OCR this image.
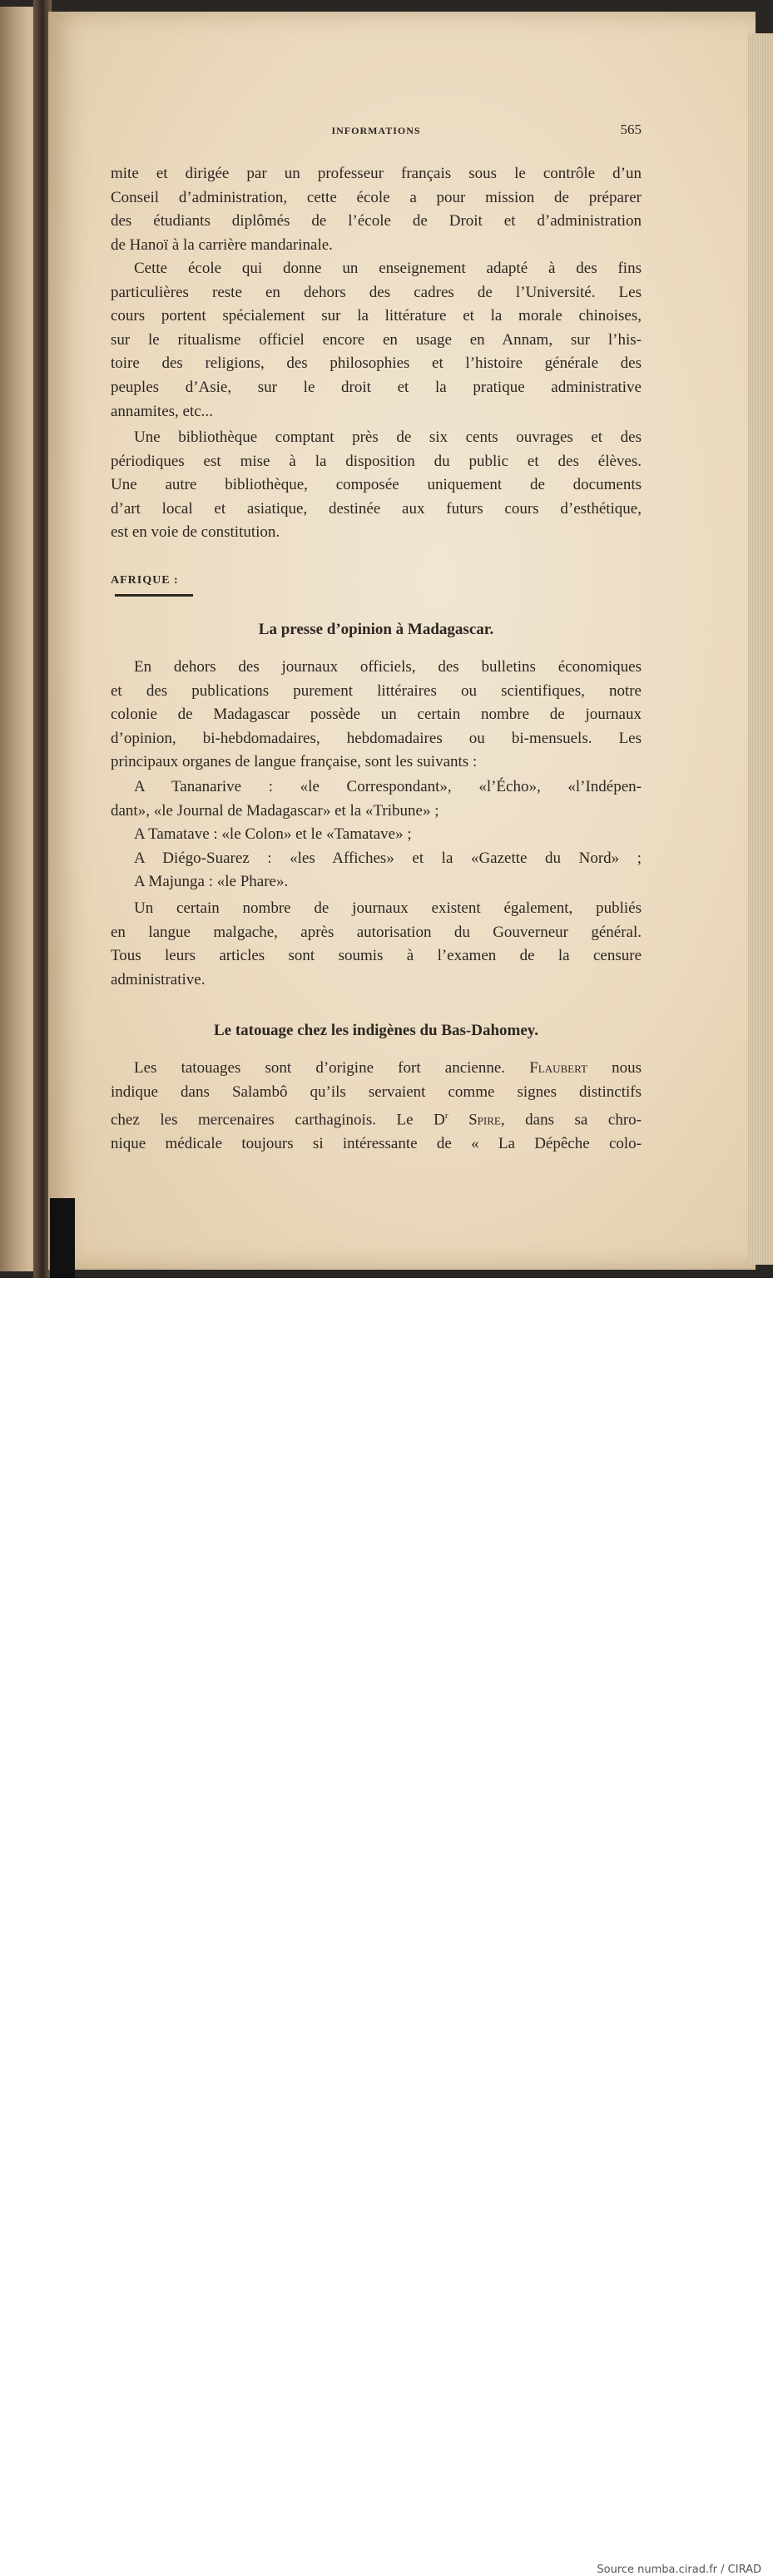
INFORMATIONS	565
mite et dirigée par un professeur français sous le contrôle d’un
Conseil d’administration, cette école a pour mission de préparer
des étudiants diplômés de l’école de Droit et d’administration
de Hanoï à la carrière mandarinale.
Cette école qui donne un enseignement adapté à des fins
particulières reste en dehors des cadres de l’Université. Les
cours portent spécialement sur la littérature et la morale chinoises,
sur le ritualisme officiel encore en usage en Annam, sur l’his-
toire des religions, des philosophies et l’histoire générale des
peuples d’Asie, sur le droit et la pratique administrative
annamites, etc...
Une bibliothèque comptant près de six cents ouvrages et des
périodiques est mise à la disposition du public et des élèves.
Une autre bibliothèque, composée uniquement de documents
d’art local et asiatique, destinée aux futurs cours d’esthétique,
est en voie de constitution.
AFRIQUE :
La presse d’opinion à Madagascar.
En dehors des journaux officiels, des bulletins économiques
et des publications purement littéraires ou scientifiques, notre
colonie de Madagascar possède un certain nombre de journaux
d’opinion, bi-hebdomadaires, hebdomadaires ou bi-mensuels. Les
principaux organes de langue française, sont les suivants :
A Tananarive : «le Correspondant», «l’Écho», «l’Indépen-
dant», «le Journal de Madagascar» et la «Tribune» ;
A Tamatave : «le Colon» et le «Tamatave» ;
A Diégo-Suarez : «les Affiches» et la «Gazette du Nord» ;
A Majunga : «le Phare».
Un certain nombre de journaux existent également, publiés
en langue malgache, après autorisation du Gouverneur général.
Tous leurs articles sont soumis à l’examen de la censure
administrative.
Le tatouage chez les indigènes du Bas-Dahomey.
Les tatouages sont d’origine fort ancienne. Flaubert nous
indique dans Salambô qu’ils servaient comme signes distinctifs
chez les mercenaires carthaginois. Le $D^r$ Spire, dans sa chro-
nique médicale toujours si intéressante de « La Dépêche colo-
Source numba.cirad.fr / CIRAD
